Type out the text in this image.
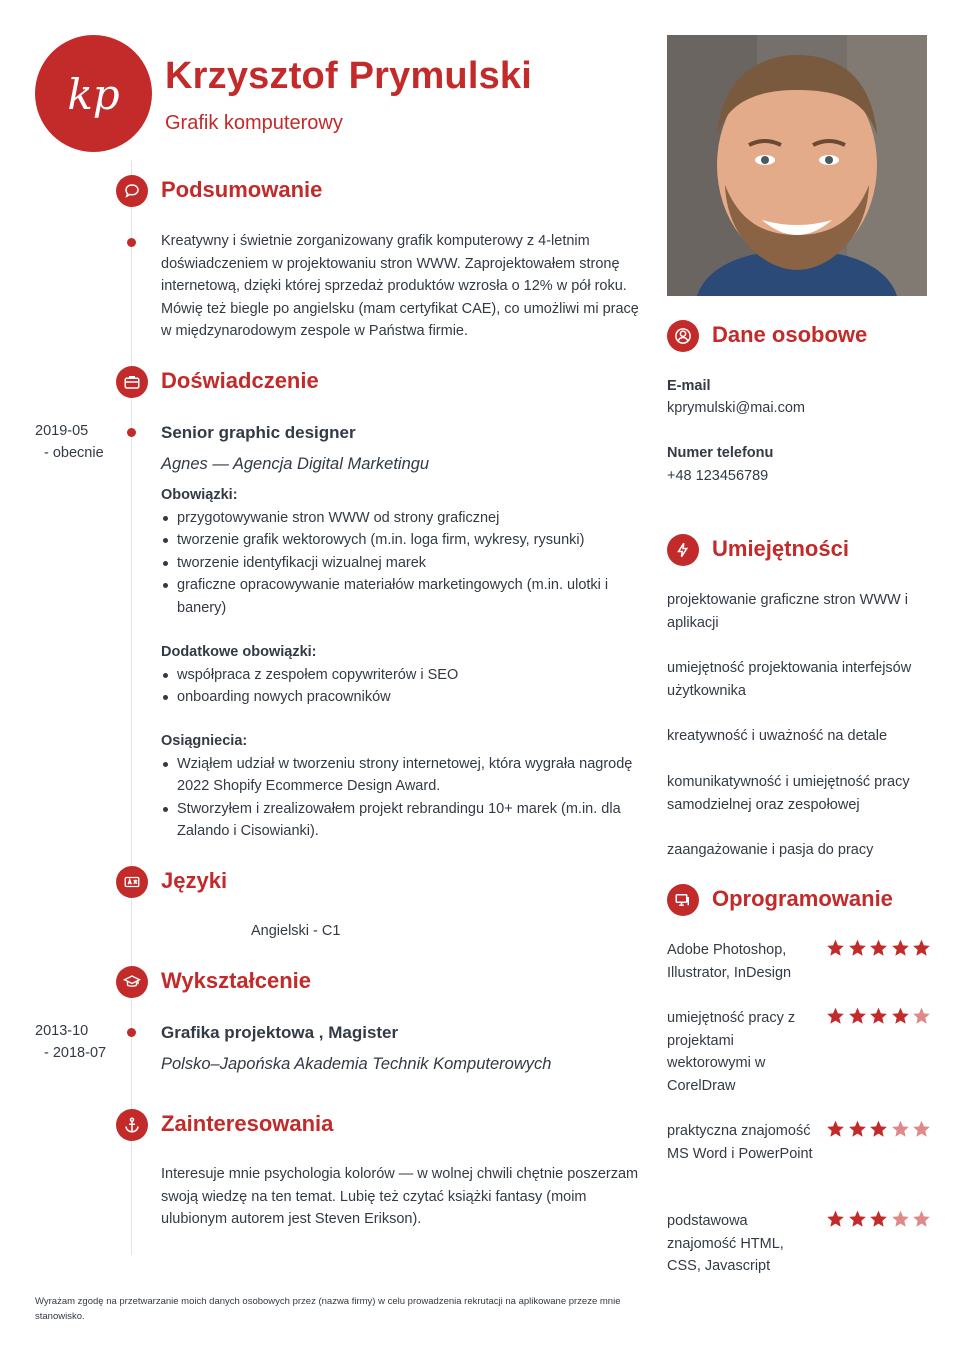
kp Krzysztof Prymulski
Grafik komputerowy
Podsumowanie
Kreatywny i świetnie zorganizowany grafik komputerowy z 4-letnim doświadczeniem w projektowaniu stron WWW. Zaprojektowałem stronę internetową, dzięki której sprzedaż produktów wzrosła o 12% w pół roku. Mówię też biegle po angielsku (mam certyfikat CAE), co umożliwi mi pracę w międzynarodowym zespole w Państwa firmie.
Doświadczenie
2019-05
- obecnie
Senior graphic designer
Agnes — Agencja Digital Marketingu
Obowiązki:
przygotowywanie stron WWW od strony graficznej
tworzenie grafik wektorowych (m.in. loga firm, wykresy, rysunki)
tworzenie identyfikacji wizualnej marek
graficzne opracowywanie materiałów marketingowych (m.in. ulotki i banery)
Dodatkowe obowiązki:
współpraca z zespołem copywriterów i SEO
onboarding nowych pracowników
Osiągniecia:
Wziąłem udział w tworzeniu strony internetowej, która wygrała nagrodę 2022 Shopify Ecommerce Design Award.
Stworzyłem i zrealizowałem projekt rebrandingu 10+ marek (m.in. dla Zalando i Cisowianki).
Języki
Angielski - C1
Wykształcenie
2013-10
- 2018-07
Grafika projektowa , Magister
Polsko–Japońska Akademia Technik Komputerowych
Zainteresowania
Interesuje mnie psychologia kolorów — w wolnej chwili chętnie poszerzam swoją wiedzę na ten temat. Lubię też czytać książki fantasy (moim ulubionym autorem jest Steven Erikson).
Dane osobowe
E-mail
kprymulski@mai.com
Numer telefonu
+48 123456789
Umiejętności
projektowanie graficzne stron WWW i aplikacji
umiejętność projektowania interfejsów użytkownika
kreatywność i uważność na detale
komunikatywność i umiejętność pracy samodzielnej oraz zespołowej
zaangażowanie i pasja do pracy
Oprogramowanie
Adobe Photoshop, Illustrator, InDesign
umiejętność pracy z projektami wektorowymi w CorelDraw
praktyczna znajomość MS Word i PowerPoint
podstawowa znajomość HTML, CSS, Javascript
Wyrażam zgodę na przetwarzanie moich danych osobowych przez (nazwa firmy) w celu prowadzenia rekrutacji na aplikowane przeze mnie stanowisko.
